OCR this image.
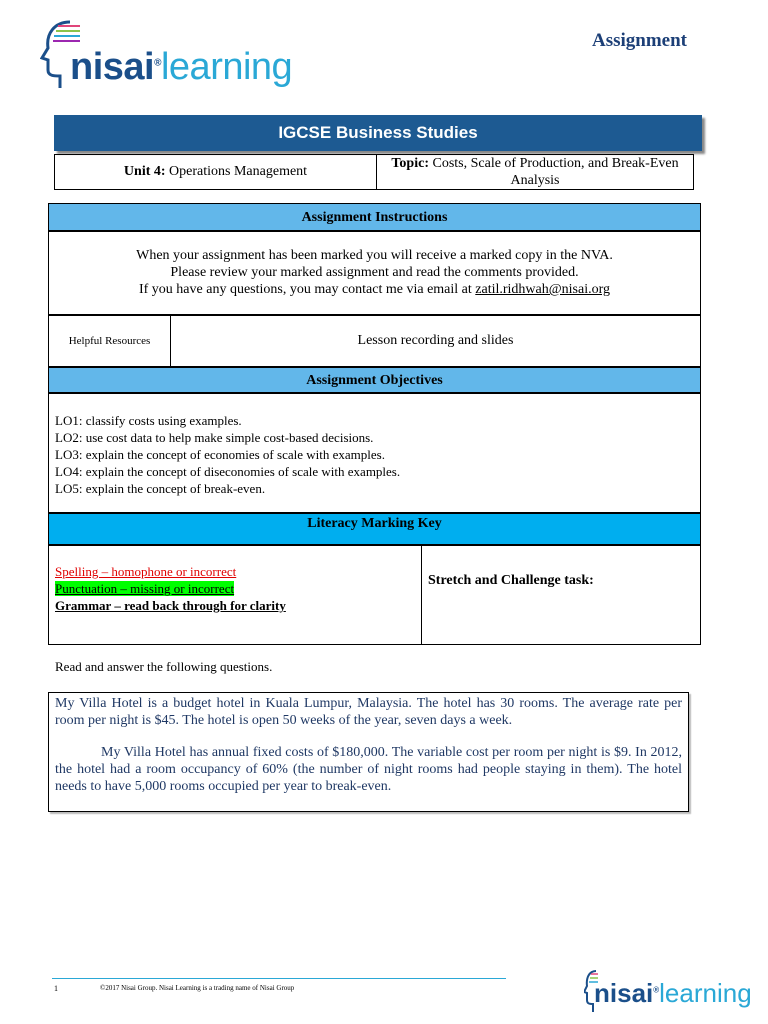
nisai®learning
Assignment
IGCSE Business Studies
Unit 4: Operations Management	Topic: Costs, Scale of Production, and Break-Even Analysis
Assignment Instructions
When your assignment has been marked you will receive a marked copy in the NVA.
Please review your marked assignment and read the comments provided.
If you have any questions, you may contact me via email at zatil.ridhwah@nisai.org
Helpful Resources	Lesson recording and slides
Assignment Objectives
LO1: classify costs using examples.
LO2: use cost data to help make simple cost-based decisions.
LO3: explain the concept of economies of scale with examples.
LO4: explain the concept of diseconomies of scale with examples.
LO5: explain the concept of break-even.
Literacy Marking Key
Spelling – homophone or incorrect
Punctuation – missing or incorrect
Grammar – read back through for clarity
Stretch and Challenge task:
Read and answer the following questions.

My Villa Hotel is a budget hotel in Kuala Lumpur, Malaysia. The hotel has 30 rooms. The average rate per room per night is $45. The hotel is open 50 weeks of the year, seven days a week.

My Villa Hotel has annual fixed costs of $180,000. The variable cost per room per night is $9. In 2012, the hotel had a room occupancy of 60% (the number of night rooms had people staying in them). The hotel needs to have 5,000 rooms occupied per year to break-even.

1	©2017 Nisai Group. Nisai Learning is a trading name of Nisai Group	nisai®learning
